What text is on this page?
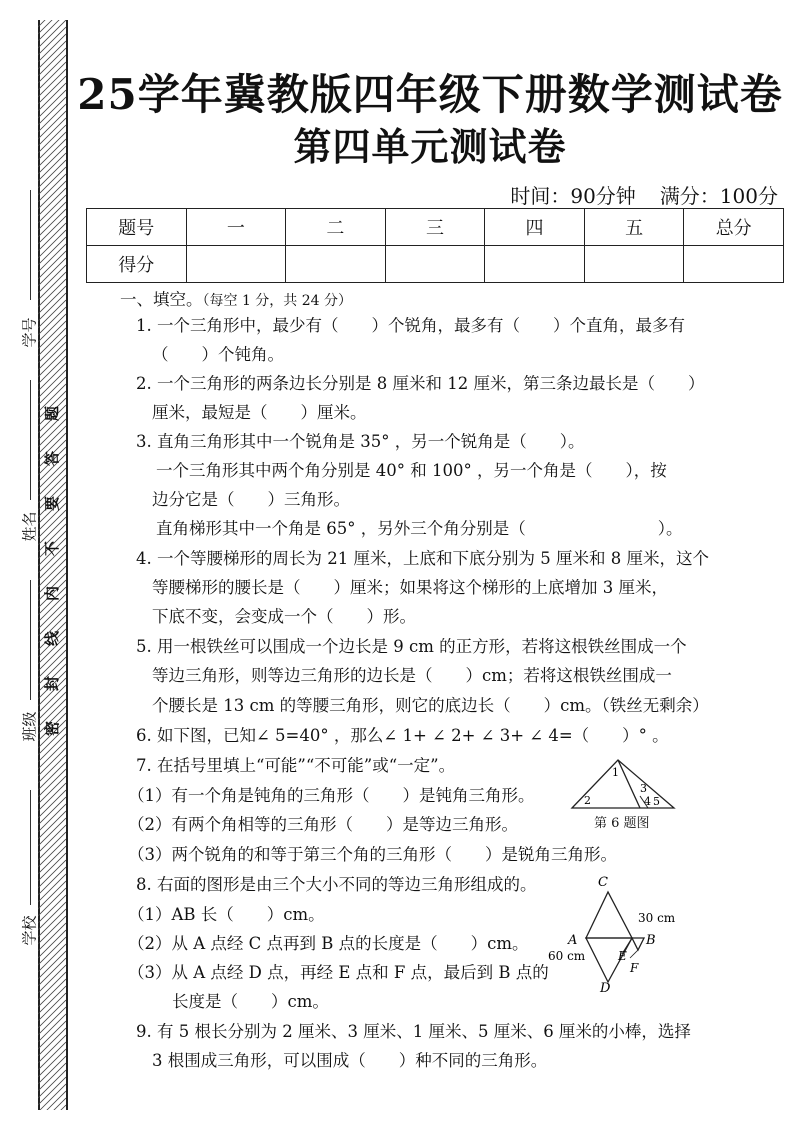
学号
姓名
班级
学校
题
答
要
不
内
线
封
密
25学年冀教版四年级下册数学测试卷
第四单元测试卷
时间：90分钟 满分：100分
题号	一	二	三	四	五	总分
得分						
一、填空。（每空 1 分，共 24 分）
1. 一个三角形中，最少有（　　）个锐角，最多有（　　）个直角，最多有
（　　）个钝角。
2. 一个三角形的两条边长分别是 8 厘米和 12 厘米，第三条边最长是（　　）
厘米，最短是（　　）厘米。
3. 直角三角形其中一个锐角是 35° ，另一个锐角是（　　）。
一个三角形其中两个角分别是 40° 和 100° ，另一个角是（　　），按
边分它是（　　）三角形。
直角梯形其中一个角是 65° ，另外三个角分别是（　　　　　　　　）。
4. 一个等腰梯形的周长为 21 厘米，上底和下底分别为 5 厘米和 8 厘米，这个
等腰梯形的腰长是（　　）厘米；如果将这个梯形的上底增加 3 厘米，
下底不变，会变成一个（　　）形。
5. 用一根铁丝可以围成一个边长是 9 cm 的正方形，若将这根铁丝围成一个
等边三角形，则等边三角形的边长是（　　）cm；若将这根铁丝围成一
个腰长是 13 cm 的等腰三角形，则它的底边长（　　）cm。（铁丝无剩余）
6. 如下图，已知∠ 5=40° ，那么∠ 1+ ∠ 2+ ∠ 3+ ∠ 4=（　　）° 。
7. 在括号里填上“可能”“不可能”或“一定”。
（1）有一个角是钝角的三角形（　　）是钝角三角形。
（2）有两个角相等的三角形（　　）是等边三角形。
（3）两个锐角的和等于第三个角的三角形（　　）是锐角三角形。
8. 右面的图形是由三个大小不同的等边三角形组成的。
（1）AB 长（　　）cm。
（2）从 A 点经 C 点再到 B 点的长度是（　　）cm。
（3）从 A 点经 D 点，再经 E 点和 F 点，最后到 B 点的
长度是（　　）cm。
9. 有 5 根长分别为 2 厘米、3 厘米、1 厘米、5 厘米、6 厘米的小棒，选择
3 根围成三角形，可以围成（　　）种不同的三角形。
1
2
3
4 5
第 6 题图
C
A	B
D
E
F
30 cm
60 cm
